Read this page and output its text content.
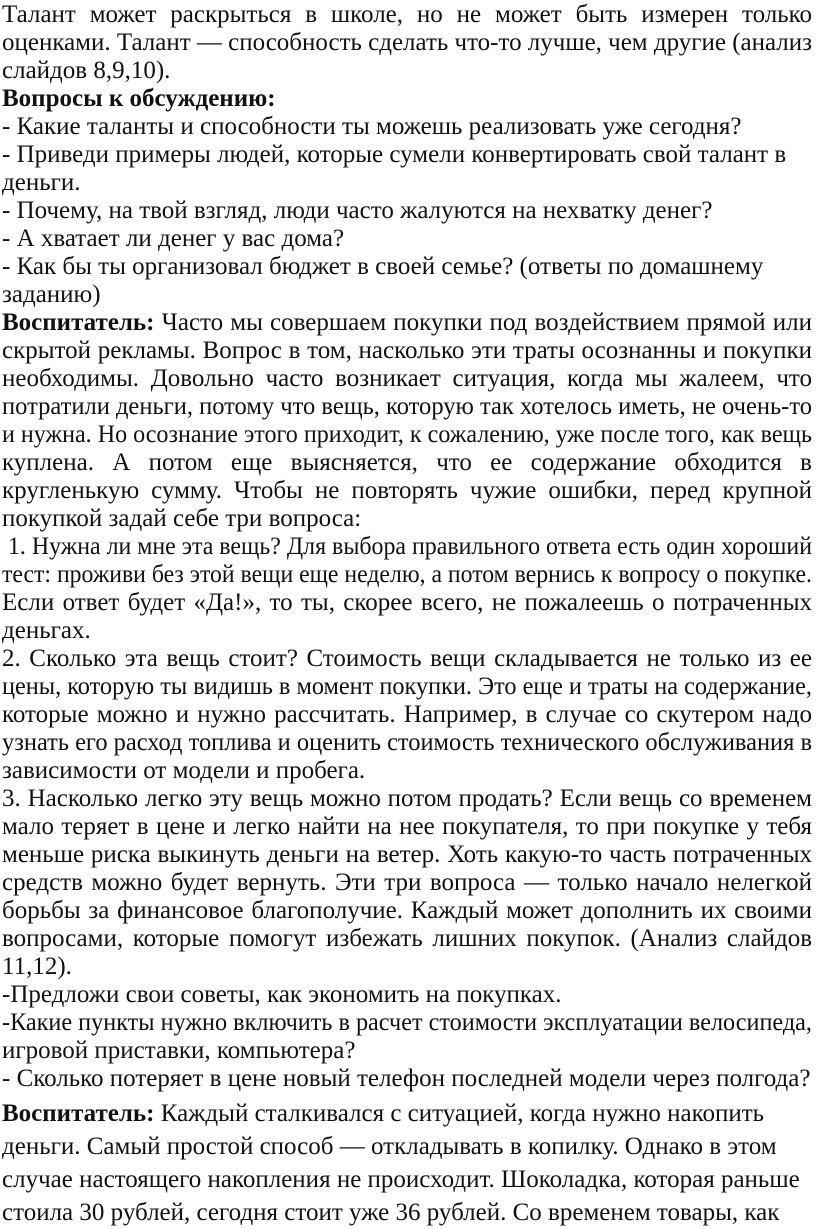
Талант может раскрыться в школе, но не может быть измерен только
оценками. Талант — способность сделать что-то лучше, чем другие (анализ
слайдов 8,9,10).
Вопросы к обсуждению:
- Какие таланты и способности ты можешь реализовать уже сегодня?
- Приведи примеры людей, которые сумели конвертировать свой талант в
деньги.
- Почему, на твой взгляд, люди часто жалуются на нехватку денег?
- А хватает ли денег у вас дома?
- Как бы ты организовал бюджет в своей семье? (ответы по домашнему
заданию)
Воспитатель: Часто мы совершаем покупки под воздействием прямой или
скрытой рекламы. Вопрос в том, насколько эти траты осознанны и покупки
необходимы. Довольно часто возникает ситуация, когда мы жалеем, что
потратили деньги, потому что вещь, которую так хотелось иметь, не очень-то
и нужна. Но осознание этого приходит, к сожалению, уже после того, как вещь
куплена. А потом еще выясняется, что ее содержание обходится в
кругленькую сумму. Чтобы не повторять чужие ошибки, перед крупной
покупкой задай себе три вопроса:
1. Нужна ли мне эта вещь? Для выбора правильного ответа есть один хороший
тест: проживи без этой вещи еще неделю, а потом вернись к вопросу о покупке.
Если ответ будет «Да!», то ты, скорее всего, не пожалеешь о потраченных
деньгах.
2. Сколько эта вещь стоит? Стоимость вещи складывается не только из ее
цены, которую ты видишь в момент покупки. Это еще и траты на содержание,
которые можно и нужно рассчитать. Например, в случае со скутером надо
узнать его расход топлива и оценить стоимость технического обслуживания в
зависимости от модели и пробега.
3. Насколько легко эту вещь можно потом продать? Если вещь со временем
мало теряет в цене и легко найти на нее покупателя, то при покупке у тебя
меньше риска выкинуть деньги на ветер. Хоть какую-то часть потраченных
средств можно будет вернуть. Эти три вопроса — только начало нелегкой
борьбы за финансовое благополучие. Каждый может дополнить их своими
вопросами, которые помогут избежать лишних покупок. (Анализ слайдов
11,12).
-Предложи свои советы, как экономить на покупках.
-Какие пункты нужно включить в расчет стоимости эксплуатации велосипеда,
игровой приставки, компьютера?
- Сколько потеряет в цене новый телефон последней модели через полгода?
Воспитатель: Каждый сталкивался с ситуацией, когда нужно накопить
деньги. Самый простой способ — откладывать в копилку. Однако в этом
случае настоящего накопления не происходит. Шоколадка, которая раньше
стоила 30 рублей, сегодня стоит уже 36 рублей. Со временем товары, как
